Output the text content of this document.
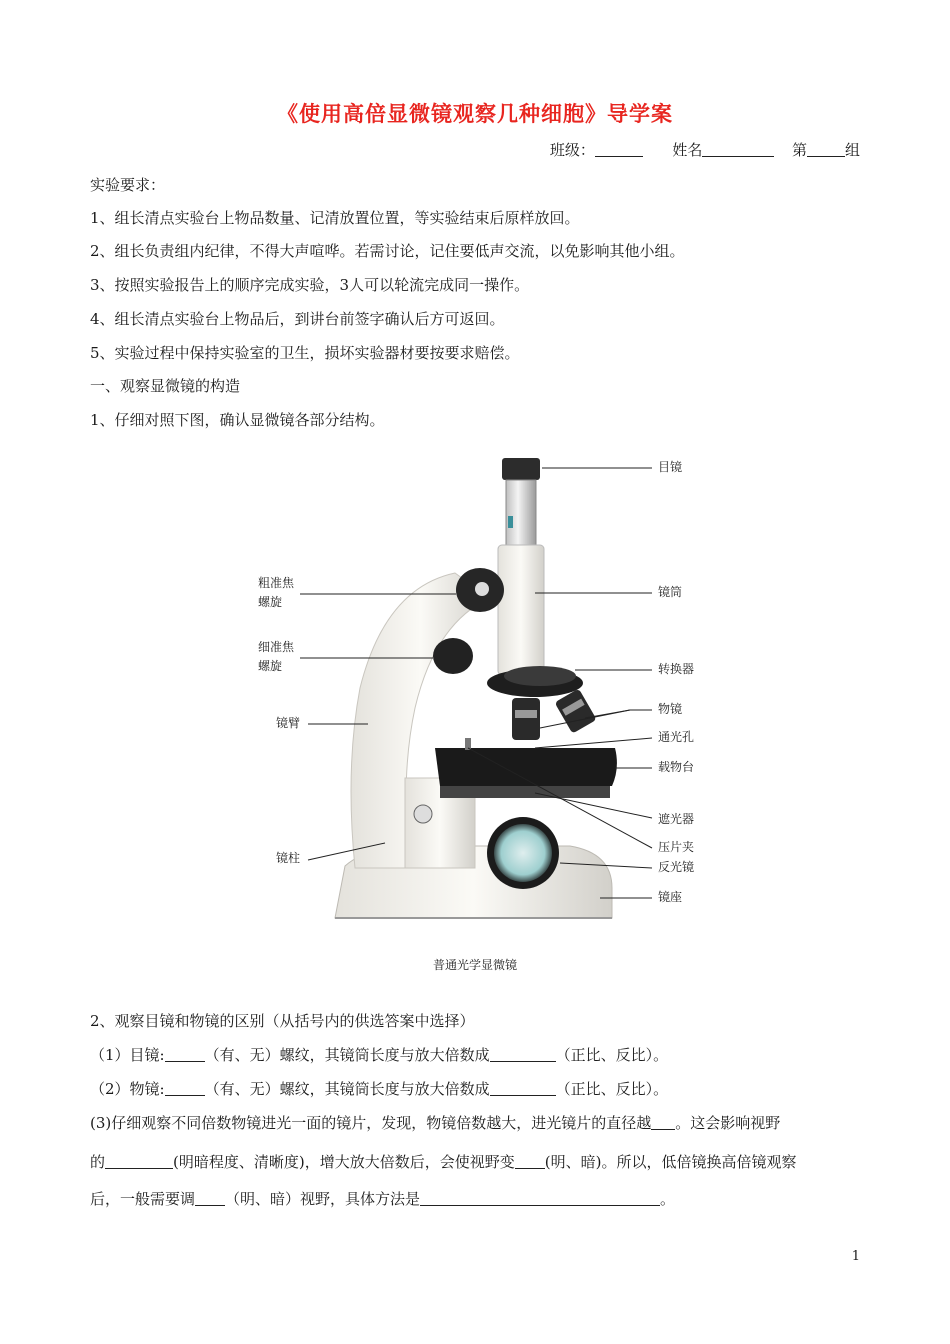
《使用高倍显微镜观察几种细胞》导学案
班级：	姓名	第	组
实验要求：
1、组长清点实验台上物品数量、记清放置位置，等实验结束后原样放回。
2、组长负责组内纪律，不得大声喧哗。若需讨论，记住要低声交流，以免影响其他小组。
3、按照实验报告上的顺序完成实验，3人可以轮流完成同一操作。
4、组长清点实验台上物品后，到讲台前签字确认后方可返回。
5、实验过程中保持实验室的卫生，损坏实验器材要按要求赔偿。
一、观察显微镜的构造
1、仔细对照下图，确认显微镜各部分结构。
目镜
镜筒
转换器
物镜
通光孔
载物台
遮光器
压片夹
反光镜
镜座
粗准焦
螺旋
细准焦
螺旋
镜臂
镜柱
普通光学显微镜
2、观察目镜和物镜的区别（从括号内的供选答案中选择）
（1）目镜:	（有、无）螺纹，其镜筒长度与放大倍数成	（正比、反比）。
（2）物镜:	（有、无）螺纹，其镜筒长度与放大倍数成	（正比、反比）。
(3)仔细观察不同倍数物镜进光一面的镜片，发现，物镜倍数越大，进光镜片的直径越 。这会影响视野
的	(明暗程度、清晰度)，增大放大倍数后，会使视野变 (明、暗)。所以，低倍镜换高倍镜观察
后，一般需要调 （明、暗）视野，具体方法是	。
1
